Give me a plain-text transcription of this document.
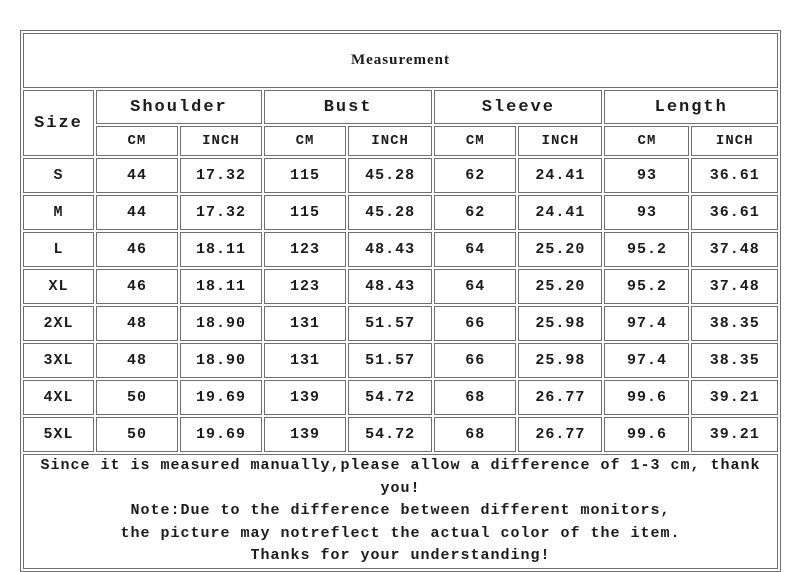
Measurement								
Size	Shoulder		Bust		Sleeve		Length	
	CM	INCH	CM	INCH	CM	INCH	CM	INCH
S	44	17.32	115	45.28	62	24.41	93	36.61
M	44	17.32	115	45.28	62	24.41	93	36.61
L	46	18.11	123	48.43	64	25.20	95.2	37.48
XL	46	18.11	123	48.43	64	25.20	95.2	37.48
2XL	48	18.90	131	51.57	66	25.98	97.4	38.35
3XL	48	18.90	131	51.57	66	25.98	97.4	38.35
4XL	50	19.69	139	54.72	68	26.77	99.6	39.21
5XL	50	19.69	139	54.72	68	26.77	99.6	39.21

Since it is measured manually,please allow a difference of 1-3 cm, thank you!
Note:Due to the difference between different monitors,
the picture may notreflect the actual color of the item.
Thanks for your understanding!								
